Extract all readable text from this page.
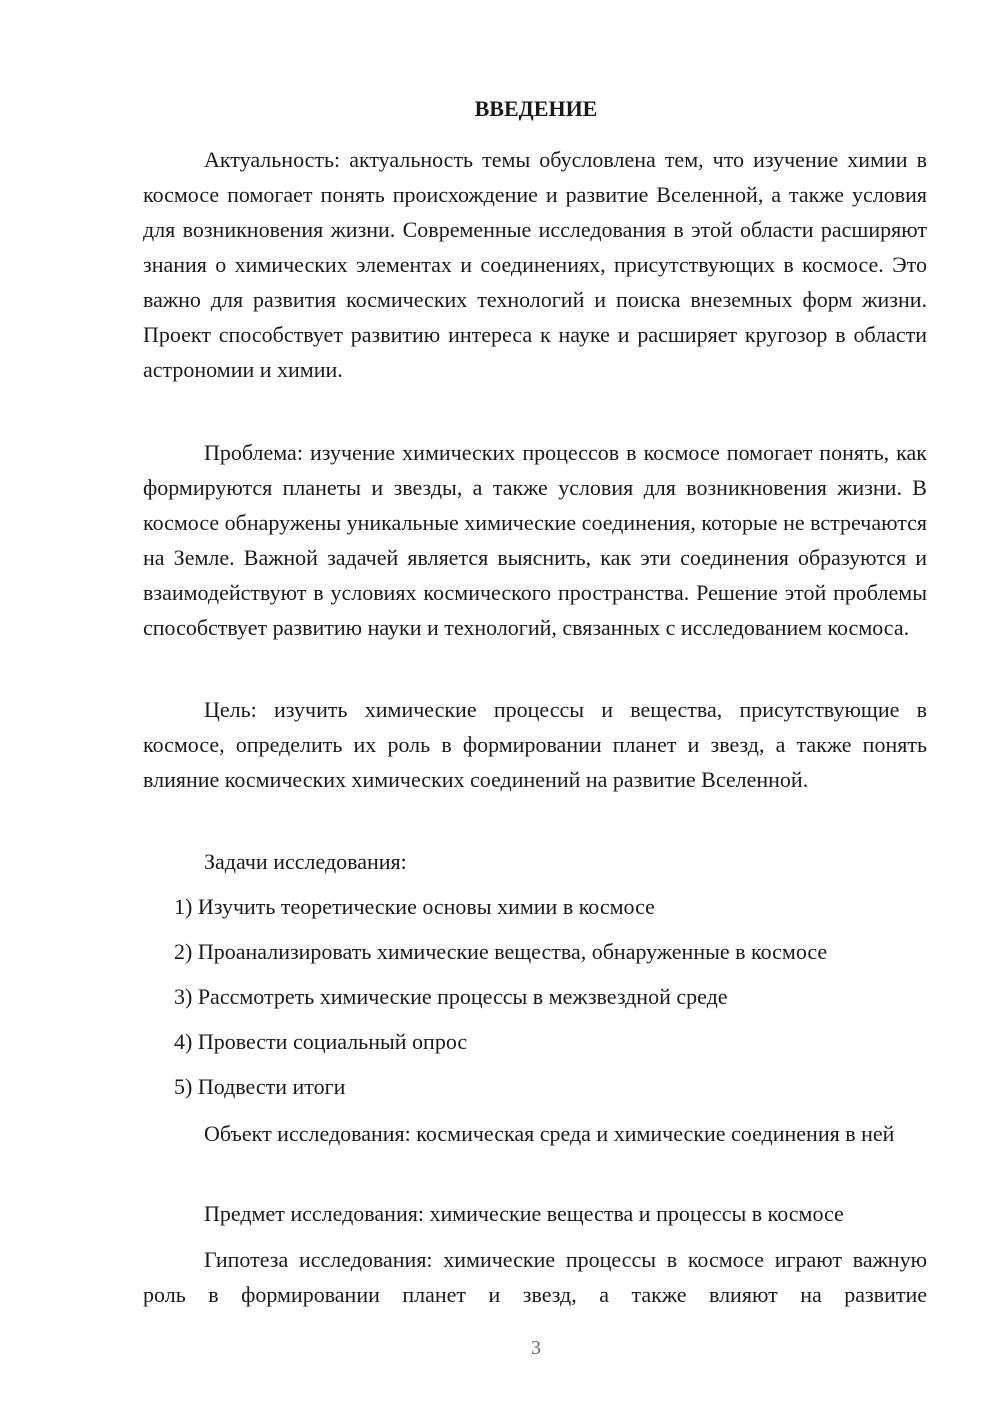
ВВЕДЕНИЕ

Актуальность: актуальность темы обусловлена тем, что изучение химии в космосе помогает понять происхождение и развитие Вселенной, а также условия для возникновения жизни. Современные исследования в этой области расширяют знания о химических элементах и соединениях, присутствующих в космосе. Это важно для развития космических технологий и поиска внеземных форм жизни. Проект способствует развитию интереса к науке и расширяет кругозор в области астрономии и химии.

Проблема: изучение химических процессов в космосе помогает понять, как формируются планеты и звезды, а также условия для возникновения жизни. В космосе обнаружены уникальные химические соединения, которые не встречаются на Земле. Важной задачей является выяснить, как эти соединения образуются и взаимодействуют в условиях космического пространства. Решение этой проблемы способствует развитию науки и технологий, связанных с исследованием космоса.

Цель: изучить химические процессы и вещества, присутствующие в космосе, определить их роль в формировании планет и звезд, а также понять влияние космических химических соединений на развитие Вселенной.

Задачи исследования:

1) Изучить теоретические основы химии в космосе
2) Проанализировать химические вещества, обнаруженные в космосе
3) Рассмотреть химические процессы в межзвездной среде
4) Провести социальный опрос
5) Подвести итоги

Объект исследования: космическая среда и химические соединения в ней

Предмет исследования: химические вещества и процессы в космосе

Гипотеза исследования: химические процессы в космосе играют важную роль в формировании планет и звезд, а также влияют на развитие

3
